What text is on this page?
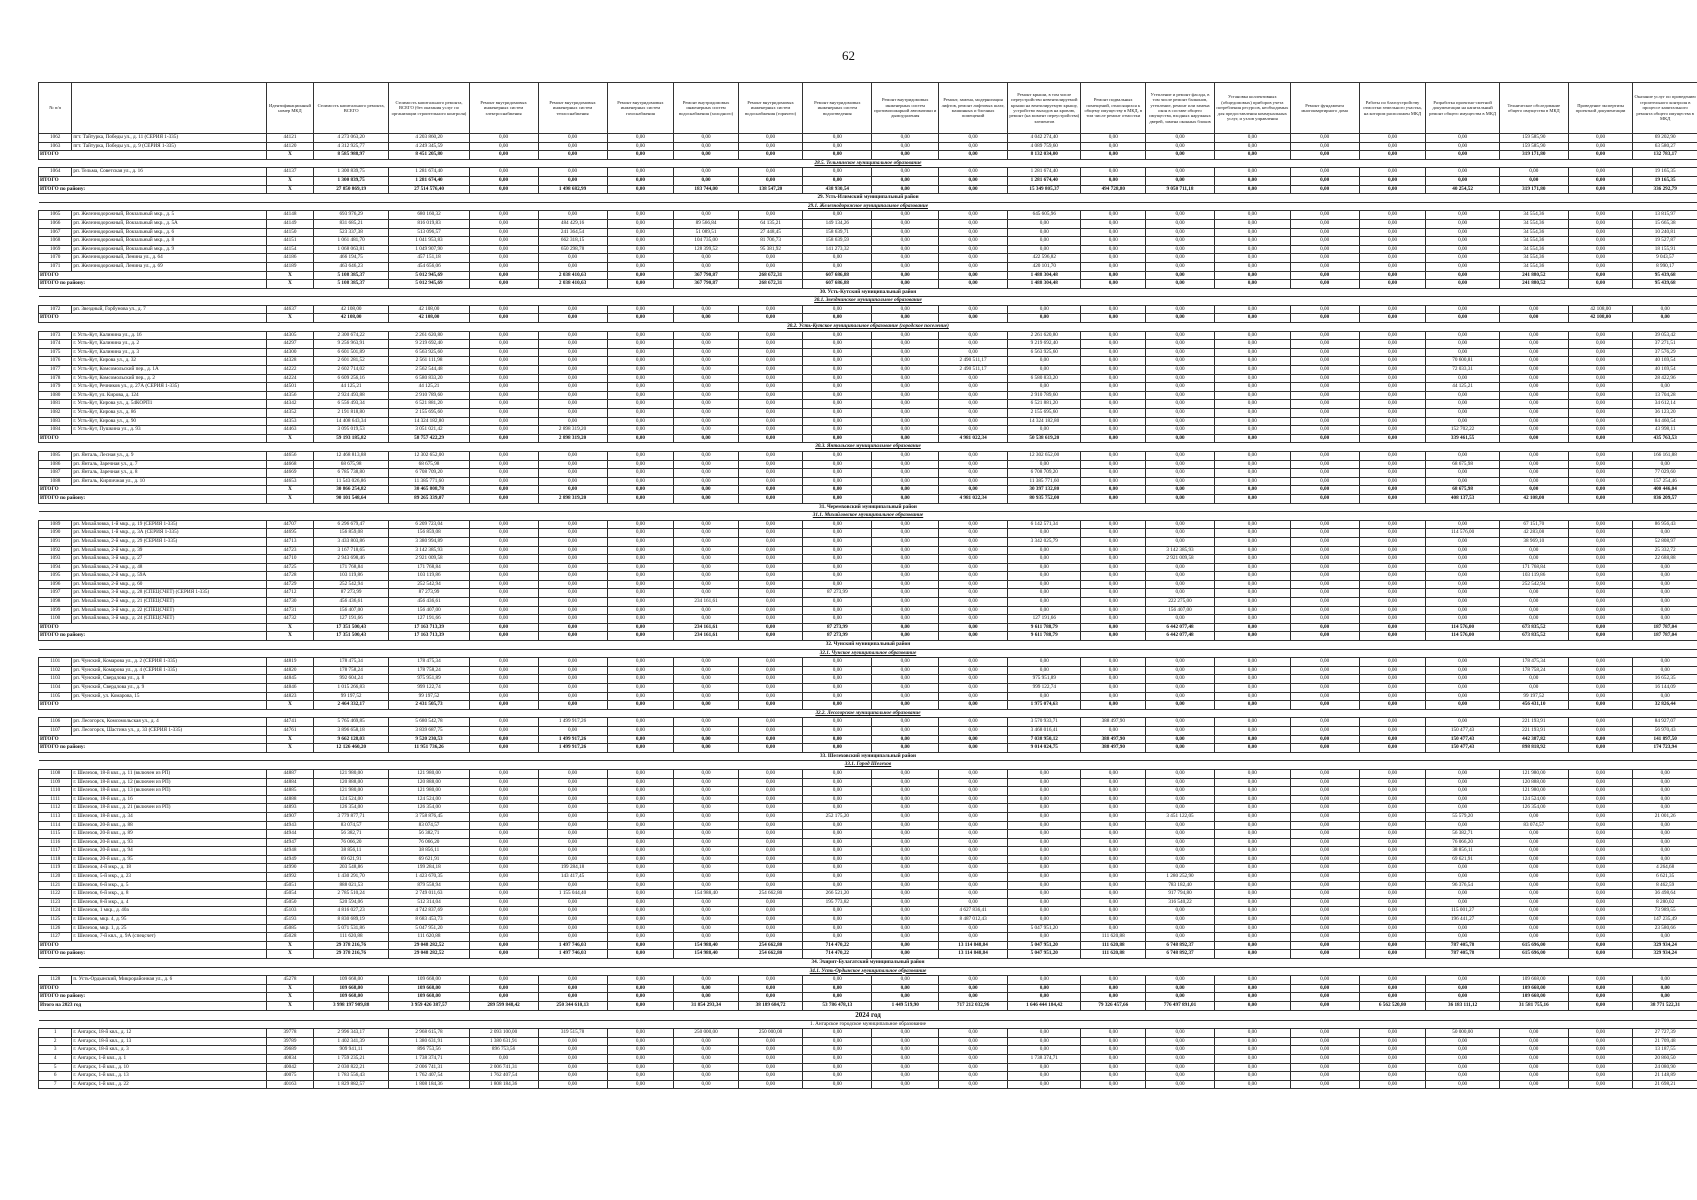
62
№ п/п		Идентификационный номер МКД	Стоимость капитального ремонта, ВСЕГО	Стоимость капитального ремонта, ВСЕГО (без оказания услуг по организации строительного контроля)	Ремонт внутридомовых инженерных систем электроснабжения	Ремонт внутридомовых инженерных систем теплоснабжения	Ремонт внутридомовых инженерных систем газоснабжения	Ремонт внутридомовых инженерных систем водоснабжения (холодного)	Ремонт внутридомовых инженерных систем водоснабжения (горячего)	Ремонт внутридомовых инженерных систем водоотведения	Ремонт внутридомовых инженерных систем противопожарной автоматики и дымоудаления	Ремонт, замена, модернизация лифтов, ремонт лифтовых шахт, машинных и блочных помещений	Ремонт крыши, в том числе переустройство невентилируемой крыши на вентилируемую крышу, устройство выходов на кровлю, ремонт (на момент переустройства) элементов	Ремонт подвальных помещений, относящихся к общему имуществу в МКД, в том числе ремонт отмостки	Утепление и ремонт фасада, в том числе ремонт балконов, утепление, ремонт или замена окон в составе общего имущества, входных наружных дверей, замена оконных блоков	Установка коллективных (общедомовых) приборов учета потребления ресурсов, необходимых для предоставления коммунальных услуг, и узлов управления	Ремонт фундамента многоквартирного дома	Работы по благоустройству отмостки земельного участка, на котором расположен МКД	Разработка проектно-сметной документации на капитальный ремонт общего имущества в МКД	Техническое обследование общего имущества в МКД	Проведение экспертизы проектной документации	Оказание услуг по проведению строительного контроля в процессе капитального ремонта общего имущества в МКД
1062	пгт. Тайтурка, Победы ул., д. 11 (СЕРИЯ 1-335)	44121	4 273 063,20	4 203 860,20	0,00	0,00	0,00	0,00	0,00	0,00	0,00	0,00	4 042 274,40	0,00	0,00	0,00	0,00	0,00	0,00	159 585,90	0,00	69 202,90
1063	пгт. Тайтурка, Победы ул., д. 9 (СЕРИЯ 1-335)	44120	4 312 925,77	4 249 345,59	0,00	0,00	0,00	0,00	0,00	0,00	0,00	0,00	4 089 759,60	0,00	0,00	0,00	0,00	0,00	0,00	159 585,90	0,00	63 580,27
ИТОГО		X	8 585 988,97	8 451 205,80	0,00	0,00	0,00	0,00	0,00	0,00	0,00	0,00	8 132 034,00	0,00	0,00	0,00	0,00	0,00	0,00	319 171,80	0,00	132 783,17
28.5. Тельминское муниципальное образование																						
1064	рп. Тельма, Советская ул., д. 16	44137	1 300 839,75	1 281 674,40	0,00	0,00	0,00	0,00	0,00	0,00	0,00	0,00	1 281 674,40	0,00	0,00	0,00	0,00	0,00	0,00	0,00	0,00	19 165,35
ИТОГО		X	1 300 839,75	1 281 674,40	0,00	0,00	0,00	0,00	0,00	0,00	0,00	0,00	1 281 674,40	0,00	0,00	0,00	0,00	0,00	0,00	0,00	0,00	19 165,35
ИТОГО по району:		X	27 850 869,19	27 514 576,40	0,00	1 498 682,99	0,00	183 744,00	138 547,20	438 930,54	0,00	0,00	15 349 805,37	494 728,80	9 050 711,18	0,00	0,00	0,00	40 254,52	319 171,80	0,00	336 292,79
29. Усть-Илимский муниципальный район																						
29.1. Железнодорожное муниципальное образование																						
1065	рп. Железнодорожный, Вокзальный мкр., д. 5	44148	693 976,29	680 160,32	0,00	0,00	0,00	0,00	0,00	0,00	0,00	0,00	645 605,96	0,00	0,00	0,00	0,00	0,00	0,00	34 554,36	0,00	13 815,97
1066	рп. Железнодорожный, Вокзальный мкр., д. 5А	44149	831 685,21	816 019,83	0,00	484 429,16	0,00	89 566,84	64 135,21	149 134,26	0,00	0,00	0,00	0,00	0,00	0,00	0,00	0,00	0,00	34 554,36	0,00	15 665,38
1067	рп. Железнодорожный, Вокзальный мкр., д. 6	44150	523 337,38	513 096,57	0,00	241 364,54	0,00	51 089,51	27 448,45	158 639,71	0,00	0,00	0,00	0,00	0,00	0,00	0,00	0,00	0,00	34 554,36	0,00	10 240,81
1068	рп. Железнодорожный, Вокзальный мкр., д. 8	44151	1 061 481,70	1 041 953,83	0,00	662 318,15	0,00	104 735,00	81 706,73	158 639,59	0,00	0,00	0,00	0,00	0,00	0,00	0,00	0,00	0,00	34 554,36	0,00	19 527,87
1069	рп. Железнодорожный, Вокзальный мкр., д. 9	44154	1 068 063,81	1 049 907,90	0,00	650 298,78	0,00	128 399,52	95 381,92	141 273,32	0,00	0,00	0,00	0,00	0,00	0,00	0,00	0,00	0,00	34 554,36	0,00	18 155,91
1070	рп. Железнодорожный, Ленина ул., д. 64	44186	466 194,75	457 151,18	0,00	0,00	0,00	0,00	0,00	0,00	0,00	0,00	422 596,82	0,00	0,00	0,00	0,00	0,00	0,00	34 554,36	0,00	9 043,57
1071	рп. Железнодорожный, Ленина ул., д. 69	44189	463 646,23	454 656,06	0,00	0,00	0,00	0,00	0,00	0,00	0,00	0,00	420 101,70	0,00	0,00	0,00	0,00	0,00	0,00	34 554,36	0,00	8 990,17
ИТОГО		X	5 108 385,37	5 012 945,69	0,00	2 038 410,63	0,00	367 790,87	268 672,31	607 686,88	0,00	0,00	1 488 304,48	0,00	0,00	0,00	0,00	0,00	0,00	241 880,52	0,00	95 439,68
ИТОГО по району:		X	5 108 385,37	5 012 945,69	0,00	2 038 410,63	0,00	367 790,87	268 672,31	607 686,88	0,00	0,00	1 488 304,48	0,00	0,00	0,00	0,00	0,00	0,00	241 880,52	0,00	95 439,68
30. Усть-Кутский муниципальный район																						
30.1. Звезднинское муниципальное образование																						
1072	рп. Звездный, Горбунова ул., д. 7	44637	42 108,00	42 108,00	0,00	0,00	0,00	0,00	0,00	0,00	0,00	0,00	0,00	0,00	0,00	0,00	0,00	0,00	0,00	0,00	42 108,00	0,00
ИТОГО		X	42 108,00	42 108,00	0,00	0,00	0,00	0,00	0,00	0,00	0,00	0,00	0,00	0,00	0,00	0,00	0,00	0,00	0,00	0,00	42 108,00	0,00
30.2. Усть-Кутское муниципальное образование (городское поселение)																						
1073	г. Усть-Кут, Калинина ул., д. 16	44305	2 300 674,22	2 261 620,80	0,00	0,00	0,00	0,00	0,00	0,00	0,00	0,00	2 261 620,80	0,00	0,00	0,00	0,00	0,00	0,00	0,00	0,00	39 053,42
1074	г. Усть-Кут, Калинина ул., д. 2	44297	9 256 963,91	9 219 692,40	0,00	0,00	0,00	0,00	0,00	0,00	0,00	0,00	9 219 692,40	0,00	0,00	0,00	0,00	0,00	0,00	0,00	0,00	37 271,51
1075	г. Усть-Кут, Калинина ул., д. 3	44300	6 601 501,89	6 563 925,60	0,00	0,00	0,00	0,00	0,00	0,00	0,00	0,00	6 563 925,60	0,00	0,00	0,00	0,00	0,00	0,00	0,00	0,00	37 576,29
1076	г. Усть-Кут, Кирова ул., д. 32	44328	2 601 281,52	2 561 111,98	0,00	0,00	0,00	0,00	0,00	0,00	0,00	2 490 511,17	0,00	0,00	0,00	0,00	0,00	0,00	70 600,81	0,00	0,00	40 169,54
1077	г. Усть-Кут, Комсомольский пер., д. 1А	44222	2 602 714,02	2 562 544,48	0,00	0,00	0,00	0,00	0,00	0,00	0,00	2 490 511,17	0,00	0,00	0,00	0,00	0,00	0,00	72 033,31	0,00	0,00	40 169,54
1078	г. Усть-Кут, Комсомольский пер., д. 2	44224	6 609 256,16	6 580 833,20	0,00	0,00	0,00	0,00	0,00	0,00	0,00	0,00	6 580 833,20	0,00	0,00	0,00	0,00	0,00	0,00	0,00	0,00	28 422,96
1079	г. Усть-Кут, Речников ул., д. 27А (СЕРИЯ 1-335)	44501	44 125,21	44 125,21	0,00	0,00	0,00	0,00	0,00	0,00	0,00	0,00	0,00	0,00	0,00	0,00	0,00	0,00	44 125,21	0,00	0,00	0,00
1080	г. Усть-Кут, ул. Кирова, д. 124	44356	2 924 493,88	2 910 789,60	0,00	0,00	0,00	0,00	0,00	0,00	0,00	0,00	2 910 789,60	0,00	0,00	0,00	0,00	0,00	0,00	0,00	0,00	13 704,28
1081	г. Усть-Кут, Кирова ул., д. 54КОРП1	44342	6 556 493,34	6 521 881,20	0,00	0,00	0,00	0,00	0,00	0,00	0,00	0,00	6 521 881,20	0,00	0,00	0,00	0,00	0,00	0,00	0,00	0,00	34 612,14
1082	г. Усть-Кут, Кирова ул., д. 86	44352	2 191 818,80	2 155 695,60	0,00	0,00	0,00	0,00	0,00	0,00	0,00	0,00	2 155 695,60	0,00	0,00	0,00	0,00	0,00	0,00	0,00	0,00	36 123,20
1083	г. Усть-Кут, Кирова ул., д. 90	44353	14 408 643,34	14 324 182,80	0,00	0,00	0,00	0,00	0,00	0,00	0,00	0,00	14 324 182,80	0,00	0,00	0,00	0,00	0,00	0,00	0,00	0,00	84 460,54
1084	г. Усть-Кут, Пушкина ул., д. 93	44463	3 095 019,53	3 051 021,42	0,00	2 898 319,20	0,00	0,00	0,00	0,00	0,00	0,00	0,00	0,00	0,00	0,00	0,00	0,00	152 702,22	0,00	0,00	43 998,11
ИТОГО		X	59 193 185,82	58 757 422,29	0,00	2 898 319,20	0,00	0,00	0,00	0,00	0,00	4 981 022,34	50 538 619,20	0,00	0,00	0,00	0,00	0,00	339 461,55	0,00	0,00	435 763,53
30.3. Янтальское муниципальное образование																						
1085	рп. Янталь, Лесная ул., д. 9	44656	12 468 813,88	12 302 652,00	0,00	0,00	0,00	0,00	0,00	0,00	0,00	0,00	12 302 652,00	0,00	0,00	0,00	0,00	0,00	0,00	0,00	0,00	166 161,88
1086	рп. Янталь, Заречная ул., д. 7	44668	68 675,98	68 675,98	0,00	0,00	0,00	0,00	0,00	0,00	0,00	0,00	0,00	0,00	0,00	0,00	0,00	0,00	68 675,98	0,00	0,00	0,00
1087	рп. Янталь, Заречная ул., д. 8	44669	6 785 738,80	6 708 709,20	0,00	0,00	0,00	0,00	0,00	0,00	0,00	0,00	6 708 709,20	0,00	0,00	0,00	0,00	0,00	0,00	0,00	0,00	77 029,60
1088	рп. Янталь, Кирпичная ул., д. 10	44653	11 543 026,86	11 385 771,60	0,00	0,00	0,00	0,00	0,00	0,00	0,00	0,00	11 385 771,60	0,00	0,00	0,00	0,00	0,00	0,00	0,00	0,00	157 254,46
ИТОГО		X	30 866 254,82	30 465 808,78	0,00	0,00	0,00	0,00	0,00	0,00	0,00	0,00	30 397 132,80	0,00	0,00	0,00	0,00	0,00	68 675,98	0,00	0,00	400 446,04
ИТОГО по району:		X	90 101 548,64	89 265 339,07	0,00	2 898 319,20	0,00	0,00	0,00	0,00	0,00	4 981 022,34	80 935 752,00	0,00	0,00	0,00	0,00	0,00	408 137,53	42 108,00	0,00	836 209,57
31. Черемховский муниципальный район																						
31.1. Михайловское муниципальное образование																						
1089	рп. Михайловка, 1-й мкр., д. 19 (СЕРИЯ 1-335)	44707	6 296 679,47	6 209 723,04	0,00	0,00	0,00	0,00	0,00	0,00	0,00	0,00	6 142 571,34	0,00	0,00	0,00	0,00	0,00	0,00	67 151,70	0,00	86 956,43
1090	рп. Михайловка, 1-й мкр., д. 3А (СЕРИЯ 1-335)	44695	156 859,08	156 859,08	0,00	0,00	0,00	0,00	0,00	0,00	0,00	0,00	0,00	0,00	0,00	0,00	0,00	0,00	114 576,00	42 283,08	0,00	0,00
1091	рп. Михайловка, 2-й мкр., д. 29 (СЕРИЯ 1-335)	44713	3 433 803,86	3 380 994,89	0,00	0,00	0,00	0,00	0,00	0,00	0,00	0,00	3 342 025,79	0,00	0,00	0,00	0,00	0,00	0,00	38 969,10	0,00	52 808,97
1092	рп. Михайловка, 2-й мкр., д. 39	44723	3 167 718,65	3 142 385,93	0,00	0,00	0,00	0,00	0,00	0,00	0,00	0,00	0,00	0,00	3 142 385,93	0,00	0,00	0,00	0,00	0,00	0,00	25 332,72
1093	рп. Михайловка, 3-й мкр., д. 27	44710	2 943 698,46	2 921 009,58	0,00	0,00	0,00	0,00	0,00	0,00	0,00	0,00	0,00	0,00	2 921 009,58	0,00	0,00	0,00	0,00	0,00	0,00	22 688,88
1094	рп. Михайловка, 2-й мкр., д. 48	44725	171 768,84	171 768,84	0,00	0,00	0,00	0,00	0,00	0,00	0,00	0,00	0,00	0,00	0,00	0,00	0,00	0,00	0,00	171 768,84	0,00	0,00
1095	рп. Михайловка, 2-й мкр., д. 59А	44728	103 119,86	103 119,86	0,00	0,00	0,00	0,00	0,00	0,00	0,00	0,00	0,00	0,00	0,00	0,00	0,00	0,00	0,00	103 119,86	0,00	0,00
1096	рп. Михайловка, 2-й мкр., д. 60	44729	252 542,94	252 542,94	0,00	0,00	0,00	0,00	0,00	0,00	0,00	0,00	0,00	0,00	0,00	0,00	0,00	0,00	0,00	252 542,94	0,00	0,00
1097	рп. Михайловка, 3-й мкр., д. 28 (СПЕЦСЧЕТ) (СЕРИЯ 1-335)	44712	87 273,99	87 273,99	0,00	0,00	0,00	0,00	0,00	87 273,99	0,00	0,00	0,00	0,00	0,00	0,00	0,00	0,00	0,00	0,00	0,00	0,00
1098	рп. Михайловка, 2-й мкр., д. 21 (СПЕЦСЧЕТ)	44730	456 436,61	456 436,61	0,00	0,00	0,00	234 161,61	0,00	0,00	0,00	0,00	0,00	0,00	222 275,00	0,00	0,00	0,00	0,00	0,00	0,00	0,00
1099	рп. Михайловка, 3-й мкр., д. 22 (СПЕЦСЧЕТ)	44731	156 407,00	156 407,00	0,00	0,00	0,00	0,00	0,00	0,00	0,00	0,00	0,00	0,00	156 407,00	0,00	0,00	0,00	0,00	0,00	0,00	0,00
1100	рп. Михайловка, 3-й мкр., д. 24 (СПЕЦСЧЕТ)	44732	127 191,66	127 191,66	0,00	0,00	0,00	0,00	0,00	0,00	0,00	0,00	127 191,66	0,00	0,00	0,00	0,00	0,00	0,00	0,00	0,00	0,00
ИТОГО		X	17 351 500,43	17 163 713,39	0,00	0,00	0,00	234 161,61	0,00	87 273,99	0,00	0,00	9 611 788,79	0,00	6 442 077,48	0,00	0,00	0,00	114 576,00	673 835,52	0,00	187 787,04
ИТОГО по району:		X	17 351 500,43	17 163 713,39	0,00	0,00	0,00	234 161,61	0,00	87 273,99	0,00	0,00	9 611 788,79	0,00	6 442 077,48	0,00	0,00	0,00	114 576,00	673 835,52	0,00	187 787,04
32. Чунский муниципальный район																						
32.1. Чунское муниципальное образование																						
1101	рп. Чунский, Комарова ул., д. 2 (СЕРИЯ 1-335)	44819	178 475,34	178 475,34	0,00	0,00	0,00	0,00	0,00	0,00	0,00	0,00	0,00	0,00	0,00	0,00	0,00	0,00	0,00	178 475,34	0,00	0,00
1102	рп. Чунский, Комарова ул., д. 4 (СЕРИЯ 1-335)	44820	178 758,24	178 758,24	0,00	0,00	0,00	0,00	0,00	0,00	0,00	0,00	0,00	0,00	0,00	0,00	0,00	0,00	0,00	178 758,24	0,00	0,00
1103	рп. Чунский, Свердлова ул., д. 8	44845	992 604,24	975 951,89	0,00	0,00	0,00	0,00	0,00	0,00	0,00	0,00	975 951,89	0,00	0,00	0,00	0,00	0,00	0,00	0,00	0,00	16 652,35
1104	рп. Чунский, Свердлова ул., д. 9	44846	1 015 266,83	999 122,74	0,00	0,00	0,00	0,00	0,00	0,00	0,00	0,00	999 122,74	0,00	0,00	0,00	0,00	0,00	0,00	0,00	0,00	16 144,09
1105	рп. Чунский, ул. Комарова, 15	44823	99 197,52	99 197,52	0,00	0,00	0,00	0,00	0,00	0,00	0,00	0,00	0,00	0,00	0,00	0,00	0,00	0,00	0,00	99 197,52	0,00	0,00
ИТОГО		X	2 464 332,17	2 431 505,73	0,00	0,00	0,00	0,00	0,00	0,00	0,00	0,00	1 975 074,63	0,00	0,00	0,00	0,00	0,00	0,00	456 431,10	0,00	32 826,44
32.2. Лесогорское муниципальное образование																						
1106	рп. Лесогорск, Комсомольская ул., д. 4	44741	5 765 469,85	5 680 542,78	0,00	1 499 917,26	0,00	0,00	0,00	0,00	0,00	0,00	3 570 933,71	388 497,90	0,00	0,00	0,00	0,00	0,00	221 193,91	0,00	84 927,07
1107	рп. Лесогорск, Шастина ул., д. 33 (СЕРИЯ 1-335)	44761	3 896 658,18	3 839 687,75	0,00	0,00	0,00	0,00	0,00	0,00	0,00	0,00	3 468 016,41	0,00	0,00	0,00	0,00	0,00	150 477,43	221 193,91	0,00	56 970,43
ИТОГО		X	9 662 128,03	9 520 230,53	0,00	1 499 917,26	0,00	0,00	0,00	0,00	0,00	0,00	7 038 950,12	388 497,90	0,00	0,00	0,00	0,00	150 477,43	442 387,82	0,00	141 897,50
ИТОГО по району:		X	12 126 460,20	11 951 736,26	0,00	1 499 917,26	0,00	0,00	0,00	0,00	0,00	0,00	9 014 024,75	388 497,90	0,00	0,00	0,00	0,00	150 477,43	898 818,92	0,00	174 723,94
33. Шелеховский муниципальный район																						
33.1. Город Шелехов																						
1108	г. Шелехов, 18-й квл., д. 11 (включен из РП)	44887	121 980,00	121 980,00	0,00	0,00	0,00	0,00	0,00	0,00	0,00	0,00	0,00	0,00	0,00	0,00	0,00	0,00	0,00	121 980,00	0,00	0,00
1109	г. Шелехов, 18-й квл., д. 12 (включен из РП)	44884	120 888,00	120 888,00	0,00	0,00	0,00	0,00	0,00	0,00	0,00	0,00	0,00	0,00	0,00	0,00	0,00	0,00	0,00	120 888,00	0,00	0,00
1110	г. Шелехов, 18-й квл., д. 13 (включен из РП)	44885	121 980,00	121 980,00	0,00	0,00	0,00	0,00	0,00	0,00	0,00	0,00	0,00	0,00	0,00	0,00	0,00	0,00	0,00	121 980,00	0,00	0,00
1111	г. Шелехов, 18-й квл., д. 16	44888	124 524,00	124 524,00	0,00	0,00	0,00	0,00	0,00	0,00	0,00	0,00	0,00	0,00	0,00	0,00	0,00	0,00	0,00	124 524,00	0,00	0,00
1112	г. Шелехов, 18-й квл., д. 21 (включен из РП)	44893	126 354,00	126 354,00	0,00	0,00	0,00	0,00	0,00	0,00	0,00	0,00	0,00	0,00	0,00	0,00	0,00	0,00	0,00	126 354,00	0,00	0,00
1113	г. Шелехов, 18-й квл., д. 34	44907	3 779 877,71	3 758 876,45	0,00	0,00	0,00	0,00	0,00	252 175,20	0,00	0,00	0,00	0,00	3 451 122,05	0,00	0,00	0,00	55 579,20	0,00	0,00	21 001,26
1114	г. Шелехов, 20-й квл., д. 88	44943	83 074,57	83 074,57	0,00	0,00	0,00	0,00	0,00	0,00	0,00	0,00	0,00	0,00	0,00	0,00	0,00	0,00	0,00	83 074,57	0,00	0,00
1115	г. Шелехов, 20-й квл., д. 89	44944	56 382,71	56 382,71	0,00	0,00	0,00	0,00	0,00	0,00	0,00	0,00	0,00	0,00	0,00	0,00	0,00	0,00	56 382,71	0,00	0,00	0,00
1116	г. Шелехов, 20-й квл., д. 93	44947	76 066,20	76 066,20	0,00	0,00	0,00	0,00	0,00	0,00	0,00	0,00	0,00	0,00	0,00	0,00	0,00	0,00	76 066,20	0,00	0,00	0,00
1117	г. Шелехов, 20-й квл., д. 94	44948	38 856,11	38 856,11	0,00	0,00	0,00	0,00	0,00	0,00	0,00	0,00	0,00	0,00	0,00	0,00	0,00	0,00	38 856,11	0,00	0,00	0,00
1118	г. Шелехов, 20-й квл., д. 95	44949	69 621,91	69 621,91	0,00	0,00	0,00	0,00	0,00	0,00	0,00	0,00	0,00	0,00	0,00	0,00	0,00	0,00	69 621,91	0,00	0,00	0,00
1119	г. Шелехов, 4-й мкр., д. 18	44990	203 548,86	199 284,18	0,00	199 284,18	0,00	0,00	0,00	0,00	0,00	0,00	0,00	0,00	0,00	0,00	0,00	0,00	0,00	0,00	0,00	4 264,68
1120	г. Шелехов, 5-й мкр., д. 23	44992	1 430 291,70	1 423 670,35	0,00	143 417,45	0,00	0,00	0,00	0,00	0,00	0,00	0,00	0,00	1 280 252,90	0,00	0,00	0,00	0,00	0,00	0,00	6 621,35
1121	г. Шелехов, 6-й мкр., д. 5	45051	888 021,53	879 558,94	0,00	0,00	0,00	0,00	0,00	0,00	0,00	0,00	0,00	0,00	783 182,40	0,00	0,00	0,00	96 376,54	0,00	0,00	8 462,59
1122	г. Шелехов, 6-й мкр., д. 8	45054	2 785 510,24	2 749 011,63	0,00	1 155 044,40	0,00	154 988,40	254 662,80	266 521,20	0,00	0,00	0,00	0,00	917 794,80	0,00	0,00	0,00	0,00	0,00	0,00	36 498,64
1123	г. Шелехов, 8-й мкр., д. 4	45050	520 594,06	512 314,04	0,00	0,00	0,00	0,00	0,00	195 773,82	0,00	0,00	0,00	0,00	316 540,22	0,00	0,00	0,00	0,00	0,00	0,00	8 280,02
1124	г. Шелехов, 1 мкр., д. 40а	45103	4 816 027,23	4 742 837,69	0,00	0,00	0,00	0,00	0,00	0,00	0,00	4 627 836,41	0,00	0,00	0,00	0,00	0,00	0,00	115 001,27	0,00	0,00	73 989,55
1125	г. Шелехов, мкр. 4, д. 95	45193	8 830 689,19	8 683 453,73	0,00	0,00	0,00	0,00	0,00	0,00	0,00	8 487 012,43	0,00	0,00	0,00	0,00	0,00	0,00	196 441,27	0,00	0,00	147 235,49
1126	г. Шелехов, мкр. 1, д. 25	45085	5 071 531,86	5 047 951,20	0,00	0,00	0,00	0,00	0,00	0,00	0,00	0,00	5 047 951,20	0,00	0,00	0,00	0,00	0,00	0,00	0,00	0,00	23 580,66
1127	г. Шелехов, 7-й квл., д. 9А (спецсчет)	45028	111 620,88	111 620,88	0,00	0,00	0,00	0,00	0,00	0,00	0,00	0,00	0,00	111 620,88	0,00	0,00	0,00	0,00	0,00	0,00	0,00	0,00
ИТОГО		X	29 378 216,76	29 048 282,52	0,00	1 497 746,03	0,00	154 988,40	254 662,80	714 470,22	0,00	13 114 848,84	5 047 951,20	111 620,88	6 748 892,37	0,00	0,00	0,00	787 405,78	615 696,00	0,00	329 934,24
ИТОГО по району:		X	29 378 216,76	29 048 282,52	0,00	1 497 746,03	0,00	154 988,40	254 662,80	714 470,22	0,00	13 114 848,84	5 047 951,20	111 620,88	6 748 892,37	0,00	0,00	0,00	787 405,78	615 696,00	0,00	329 934,24
34. Эхирит-Булагатский муниципальный район																						
34.1. Усть-Ордынское муниципальное образование																						
1128	п. Усть-Ордынский, Микрорайонная ул., д. 6	45278	109 668,00	109 668,00	0,00	0,00	0,00	0,00	0,00	0,00	0,00	0,00	0,00	0,00	0,00	0,00	0,00	0,00	0,00	109 668,00	0,00	0,00
ИТОГО		X	109 668,00	109 668,00	0,00	0,00	0,00	0,00	0,00	0,00	0,00	0,00	0,00	0,00	0,00	0,00	0,00	0,00	0,00	109 668,00	0,00	0,00
ИТОГО по району:		X	109 668,00	109 668,00	0,00	0,00	0,00	0,00	0,00	0,00	0,00	0,00	0,00	0,00	0,00	0,00	0,00	0,00	0,00	109 668,00	0,00	0,00
Итого на 2023 год		X	3 998 197 909,88	3 959 426 387,57	289 599 848,42	250 344 610,13	0,00	31 854 293,34	38 189 684,72	53 786 478,13	1 449 519,90	717 212 032,96	1 646 444 184,42	79 326 457,66	776 497 891,01	0,00	0,00	6 562 520,80	36 183 111,12	31 581 755,16	0,00	38 771 522,31
2024 год																						
1. Ангарское городское муниципальное образование																						
1	г. Ангарск, 18-й квл., д. 12	39778	2 996 343,17	2 968 615,78	2 093 100,00	319 515,78	0,00	250 000,00	250 000,00	0,00	0,00	0,00	0,00	0,00	0,00	0,00	0,00	0,00	50 000,00	0,00	0,00	27 727,39
2	г. Ангарск, 18-й квл., д. 13	39789	1 402 341,39	1 380 631,91	1 380 631,91	0,00	0,00	0,00	0,00	0,00	0,00	0,00	0,00	0,00	0,00	0,00	0,00	0,00	0,00	0,00	0,00	21 709,48
3	г. Ангарск, 18-й квл., д. 3	39689	909 941,11	896 753,56	896 753,56	0,00	0,00	0,00	0,00	0,00	0,00	0,00	0,00	0,00	0,00	0,00	0,00	0,00	0,00	0,00	0,00	13 187,55
4	г. Ангарск, 1-й квл., д. 1	40834	1 759 235,21	1 738 374,71	0,00	0,00	0,00	0,00	0,00	0,00	0,00	0,00	1 738 374,71	0,00	0,00	0,00	0,00	0,00	0,00	0,00	0,00	20 860,50
5	г. Ангарск, 1-й квл., д. 10	40042	2 030 822,21	2 006 741,31	2 006 741,31	0,00	0,00	0,00	0,00	0,00	0,00	0,00	0,00	0,00	0,00	0,00	0,00	0,00	0,00	0,00	0,00	24 080,90
6	г. Ангарск, 1-й квл., д. 13	40075	1 783 556,43	1 762 407,54	1 762 407,54	0,00	0,00	0,00	0,00	0,00	0,00	0,00	0,00	0,00	0,00	0,00	0,00	0,00	0,00	0,00	0,00	21 148,89
7	г. Ангарск, 1-й квл., д. 22	40163	1 829 882,57	1 808 184,36	1 808 184,36	0,00	0,00	0,00	0,00	0,00	0,00	0,00	0,00	0,00	0,00	0,00	0,00	0,00	0,00	0,00	0,00	21 698,21
